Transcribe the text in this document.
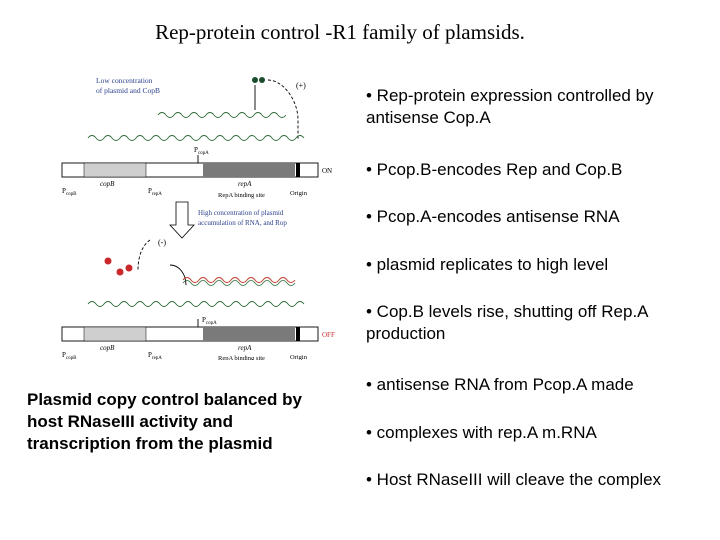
Rep-protein control -R1 family of plamsids.
Low concentration
of plasmid and CopB
(+)
ON
$P_{copA}$
copB	repA
$P_{copB}$	$P_{repA}$	RepA binding site	Origin
High concentration of plasmid
accumulation of RNA, and Rop
(-)
OFF
$P_{copA}$
copB	repA
$P_{copB}$	$P_{repA}$	RepA binding site	Origin
• Rep-protein expression controlled by antisense Cop.A
• Pcop.B-encodes Rep and Cop.B
• Pcop.A-encodes antisense RNA
• plasmid replicates to high level
• Cop.B levels rise, shutting off Rep.A production
• antisense RNA from Pcop.A made
• complexes with rep.A m.RNA
• Host RNaseIII will cleave the complex
Plasmid copy control balanced by host RNaseIII activity and transcription from the plasmid
